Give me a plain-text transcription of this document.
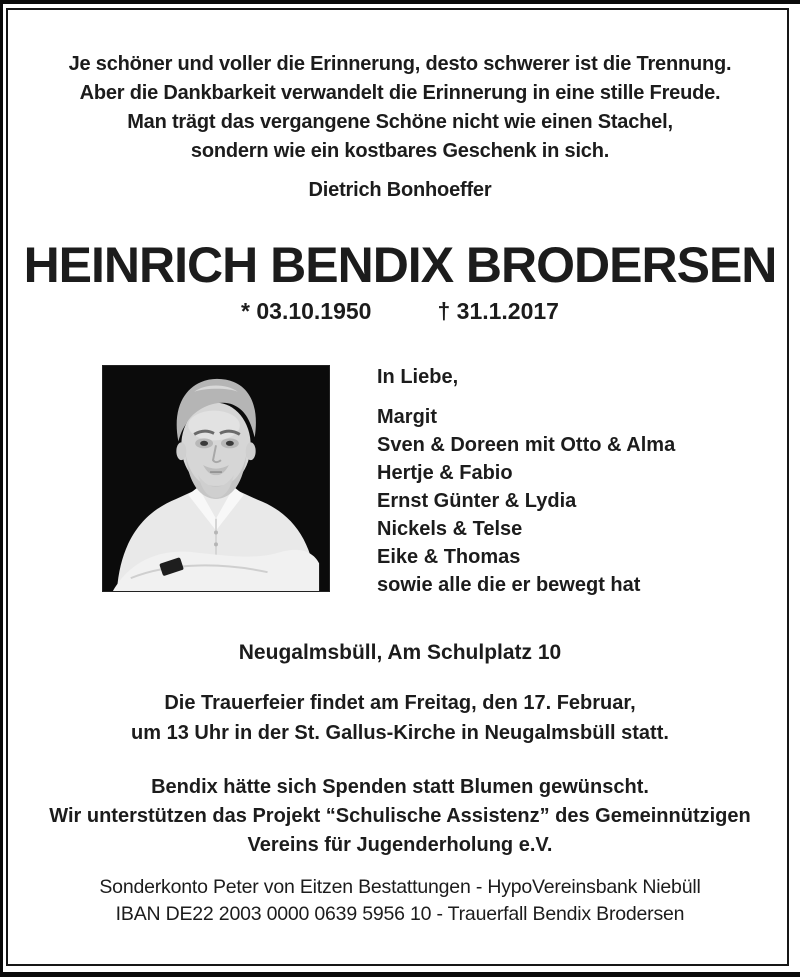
Je schöner und voller die Erinnerung, desto schwerer ist die Trennung.
Aber die Dankbarkeit verwandelt die Erinnerung in eine stille Freude.
Man trägt das vergangene Schöne nicht wie einen Stachel,
sondern wie ein kostbares Geschenk in sich.
Dietrich Bonhoeffer
HEINRICH BENDIX BRODERSEN
* 03.10.1950	† 31.1.2017
In Liebe,
Margit
Sven & Doreen mit Otto & Alma
Hertje & Fabio
Ernst Günter & Lydia
Nickels & Telse
Eike & Thomas
sowie alle die er bewegt hat
Neugalmsbüll, Am Schulplatz 10
Die Trauerfeier findet am Freitag, den 17. Februar,
um 13 Uhr in der St. Gallus-Kirche in Neugalmsbüll statt.
Bendix hätte sich Spenden statt Blumen gewünscht.
Wir unterstützen das Projekt “Schulische Assistenz” des Gemeinnützigen
Vereins für Jugenderholung e.V.
Sonderkonto Peter von Eitzen Bestattungen - HypoVereinsbank Niebüll
IBAN DE22 2003 0000 0639 5956 10 - Trauerfall Bendix Brodersen
